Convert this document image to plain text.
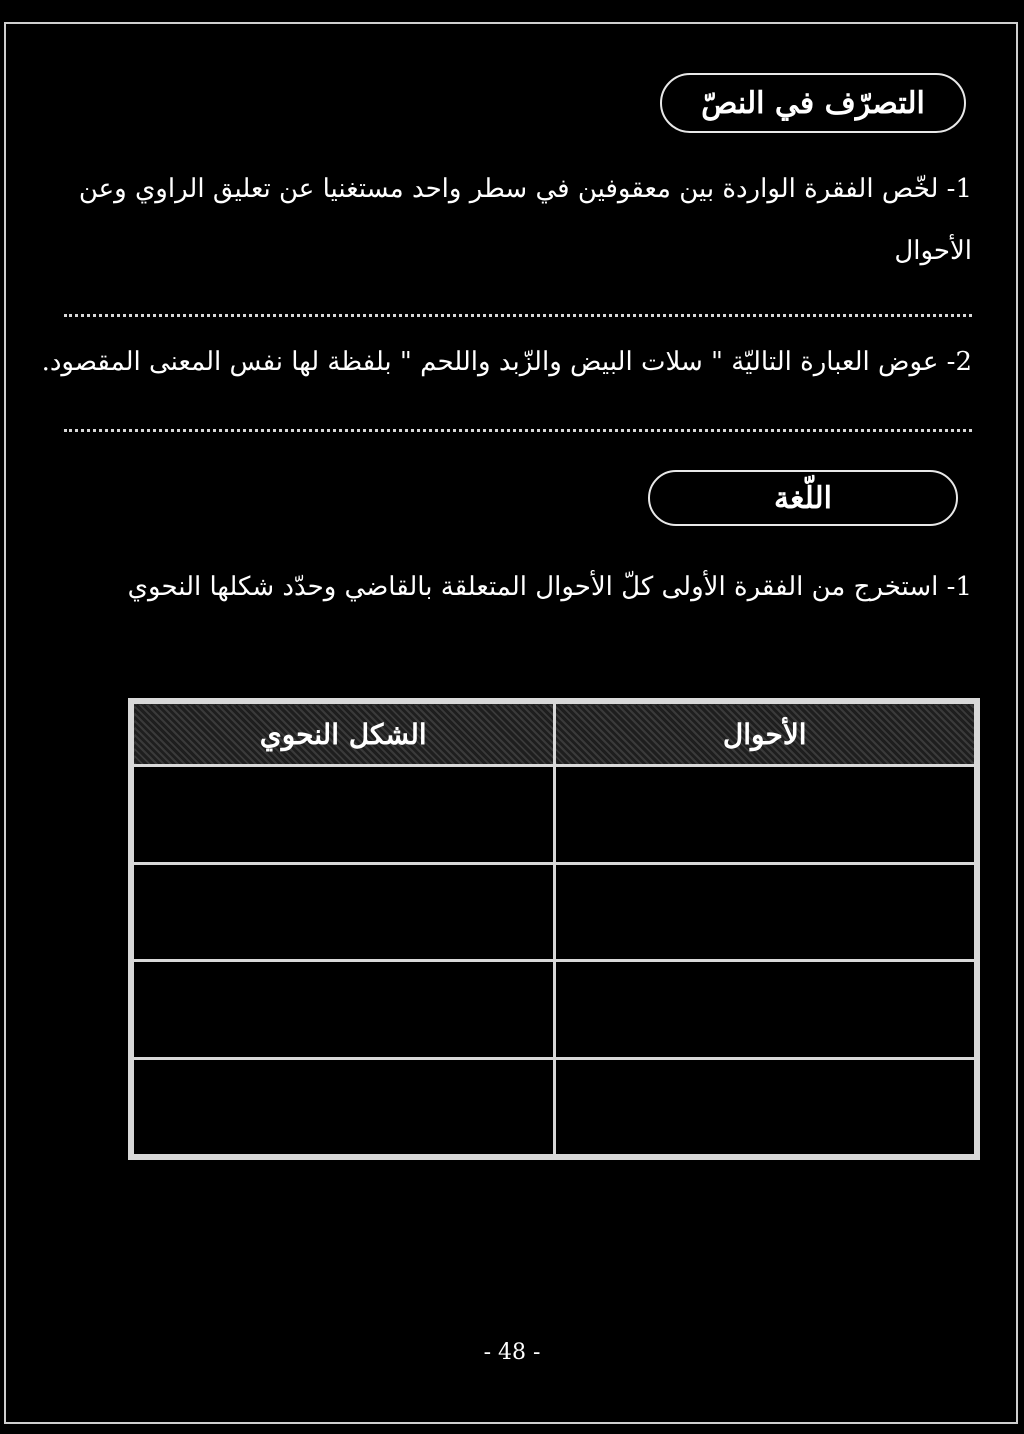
التصرّف في النصّ
1- لخّص الفقرة الواردة بين معقوفين في سطر واحد مستغنيا عن تعليق الراوي وعن
الأحوال
2- عوض العبارة التاليّة " سلات البيض والزّبد واللحم " بلفظة لها نفس المعنى المقصود.
اللّغة
1- استخرج من الفقرة الأولى كلّ الأحوال المتعلقة بالقاضي وحدّد شكلها النحوي
الأحوال	الشكل النحوي

- 48 -
